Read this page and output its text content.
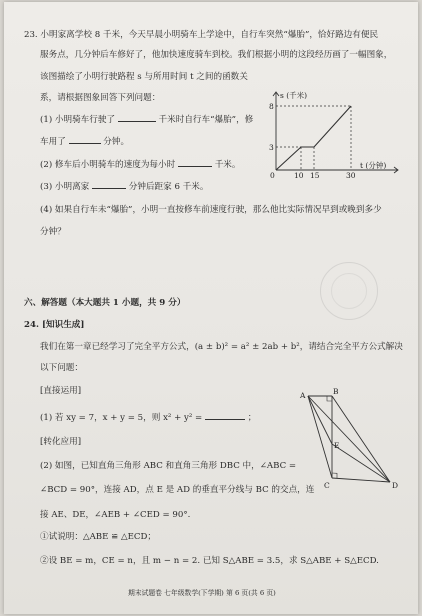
23. 小明家离学校 8 千米，今天早晨小明骑车上学途中，自行车突然“爆胎”，恰好路边有便民
服务点，几分钟后车修好了，他加快速度骑车到校。我们根据小明的这段经历画了一幅图象，
该图描绘了小明行驶路程 s 与所用时间 t 之间的函数关
系，请根据图象回答下列问题：
(1) 小明骑车行驶了	千米时自行车“爆胎”，修
车用了	分钟。
(2) 修车后小明骑车的速度为每小时	千米。
(3) 小明离家	分钟后距家 6 千米。
(4) 如果自行车未“爆胎”，小明一直按修车前速度行驶，那么他比实际情况早到或晚到多少
分钟？
s (千米)
t (分钟)
0
8
3
10 15	30
六、解答题（本大题共 1 小题，共 9 分）
24. [知识生成]
我们在第一章已经学习了完全平方公式，(a ± b)² = a² ± 2ab + b²，请结合完全平方公式解决
以下问题：
[直接运用]
(1) 若 xy = 7，x + y = 5，则 x² + y² =	；
[转化应用]
(2) 如图，已知直角三角形 ABC 和直角三角形 DBC 中，∠ABC =
∠BCD = 90°，连接 AD，点 E 是 AD 的垂直平分线与 BC 的交点，连
接 AE、DE，∠AEB + ∠CED = 90°.
①试说明：△ABE ≌ △ECD；
②设 BE = m，CE = n，且 m − n = 2. 已知 S△ABE = 3.5，求 S△ABE + S△ECD.
A	B
E
C	D
期末试题卷 七年级数学(下学期) 第 6 页(共 6 页)
